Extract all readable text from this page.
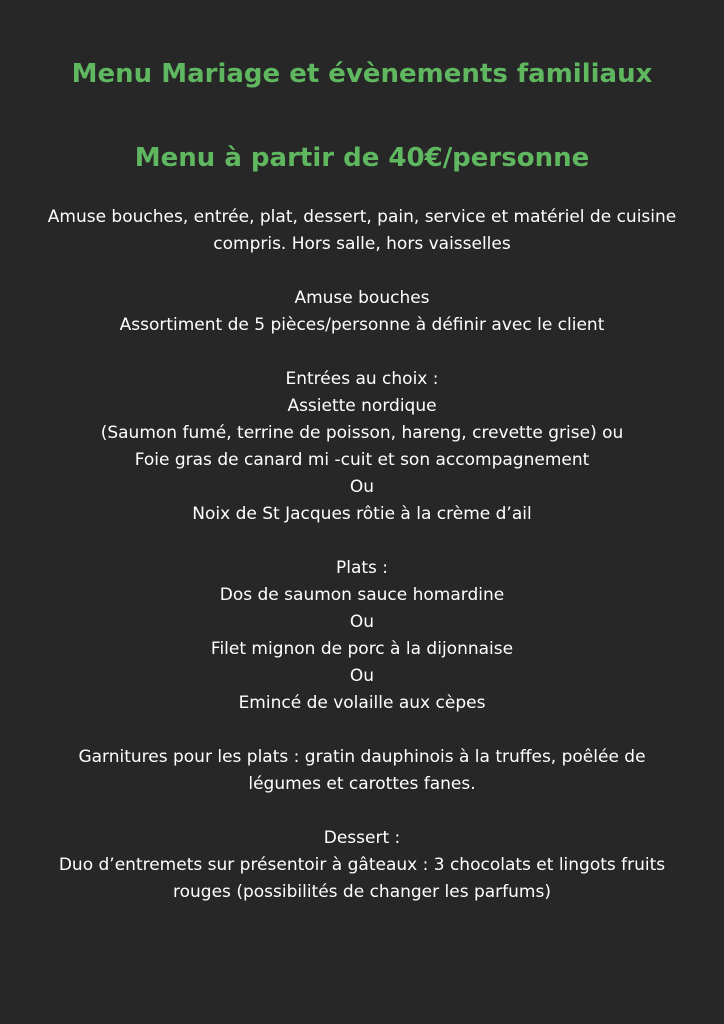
Menu Mariage et évènements familiaux
Menu à partir de 40€/personne
Amuse bouches, entrée, plat, dessert, pain, service et matériel de cuisine
compris. Hors salle, hors vaisselles
Amuse bouches
Assortiment de 5 pièces/personne à définir avec le client
Entrées au choix :
Assiette nordique
(Saumon fumé, terrine de poisson, hareng, crevette grise) ou
Foie gras de canard mi -cuit et son accompagnement
Ou
Noix de St Jacques rôtie à la crème d’ail
Plats :
Dos de saumon sauce homardine
Ou
Filet mignon de porc à la dijonnaise
Ou
Emincé de volaille aux cèpes
Garnitures pour les plats : gratin dauphinois à la truffes, poêlée de
légumes et carottes fanes.
Dessert :
Duo d’entremets sur présentoir à gâteaux : 3 chocolats et lingots fruits
rouges (possibilités de changer les parfums)
